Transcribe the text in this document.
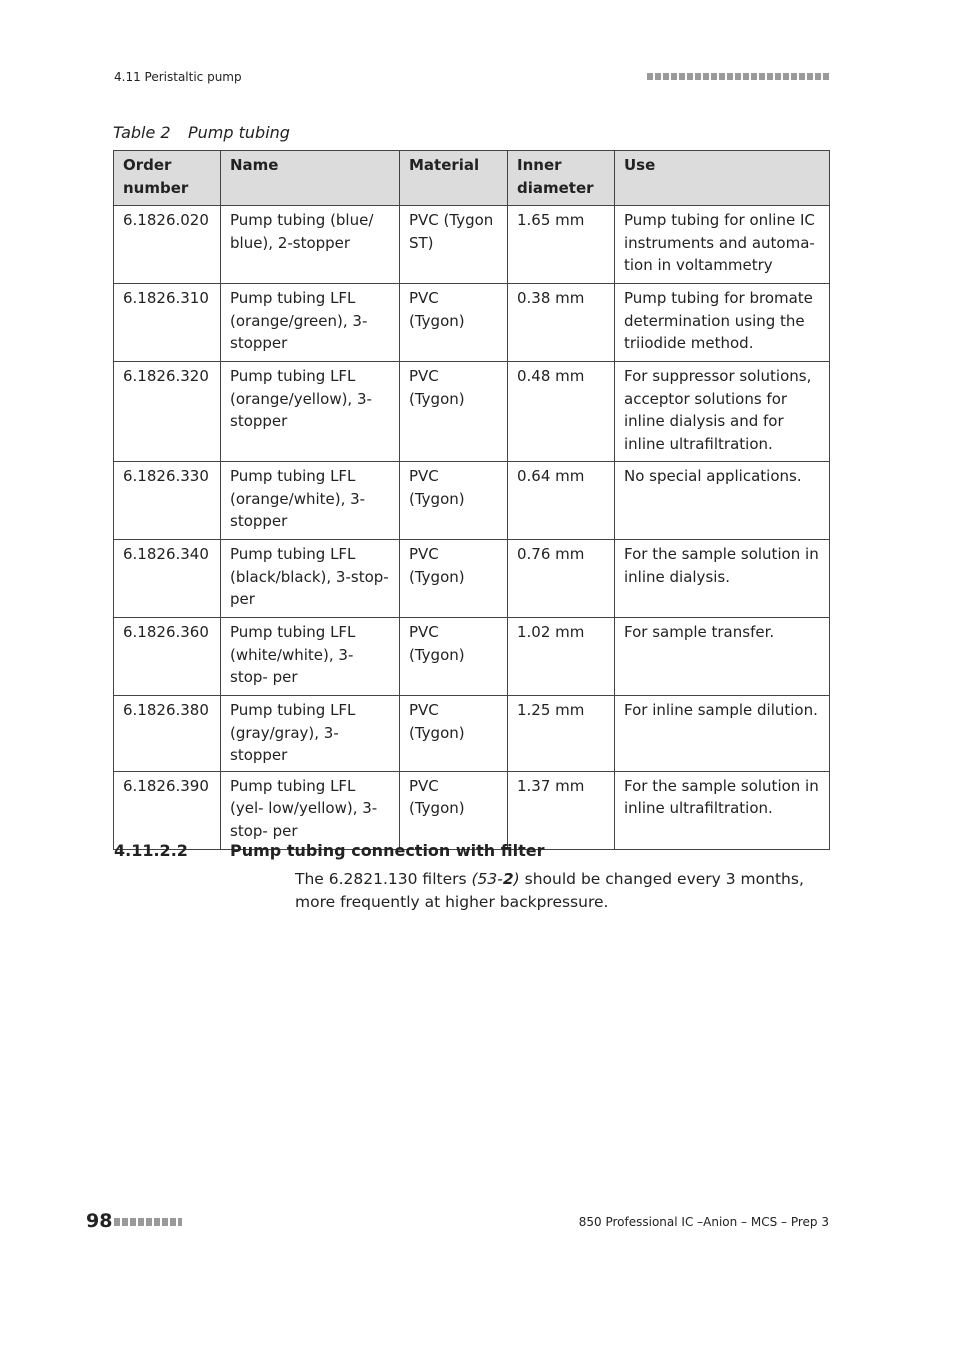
4.11 Peristaltic pump
Table 2 Pump tubing
Order number	Name	Material	Inner diameter	Use
6.1826.020	Pump tubing (blue/ blue), 2-stopper	PVC (Tygon ST)	1.65 mm	Pump tubing for online IC instruments and automa- tion in voltammetry
6.1826.310	Pump tubing LFL (orange/green), 3- stopper	PVC (Tygon)	0.38 mm	Pump tubing for bromate determination using the triiodide method.
6.1826.320	Pump tubing LFL (orange/yellow), 3- stopper	PVC (Tygon)	0.48 mm	For suppressor solutions, acceptor solutions for inline dialysis and for inline ultrafiltration.
6.1826.330	Pump tubing LFL (orange/white), 3- stopper	PVC (Tygon)	0.64 mm	No special applications.
6.1826.340	Pump tubing LFL (black/black), 3-stop- per	PVC (Tygon)	0.76 mm	For the sample solution in inline dialysis.
6.1826.360	Pump tubing LFL (white/white), 3-stop- per	PVC (Tygon)	1.02 mm	For sample transfer.
6.1826.380	Pump tubing LFL (gray/gray), 3-stopper	PVC (Tygon)	1.25 mm	For inline sample dilution.
6.1826.390	Pump tubing LFL (yel- low/yellow), 3-stop- per	PVC (Tygon)	1.37 mm	For the sample solution in inline ultrafiltration.
4.11.2.2	Pump tubing connection with filter
The 6.2821.130 filters (53-2) should be changed every 3 months, more frequently at higher backpressure.
98	850 Professional IC –Anion – MCS – Prep 3
